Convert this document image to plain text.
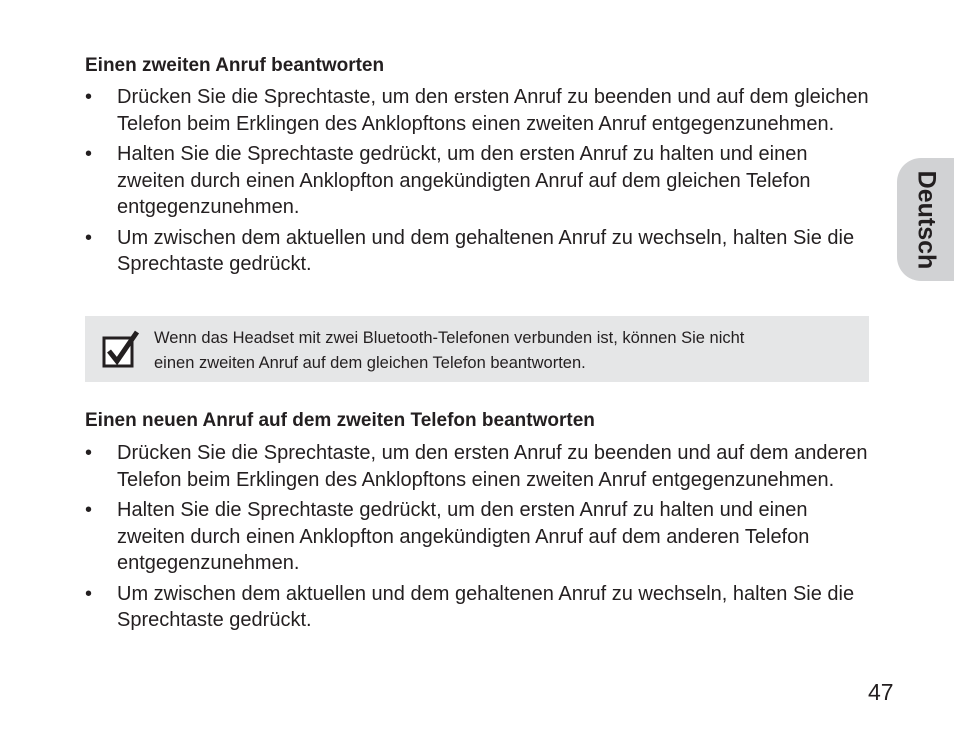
Einen zweiten Anruf beantworten
•	Drücken Sie die Sprechtaste, um den ersten Anruf zu beenden und auf dem gleichen Telefon beim Erklingen des Anklopftons einen zweiten Anruf entgegenzunehmen.
•	Halten Sie die Sprechtaste gedrückt, um den ersten Anruf zu halten und einen zweiten durch einen Anklopfton angekündigten Anruf auf dem gleichen Telefon entgegenzunehmen.
•	Um zwischen dem aktuellen und dem gehaltenen Anruf zu wechseln, halten Sie die Sprechtaste gedrückt.
Wenn das Headset mit zwei Bluetooth-Telefonen verbunden ist, können Sie nicht
einen zweiten Anruf auf dem gleichen Telefon beantworten.
Einen neuen Anruf auf dem zweiten Telefon beantworten
•	Drücken Sie die Sprechtaste, um den ersten Anruf zu beenden und auf dem anderen Telefon beim Erklingen des Anklopftons einen zweiten Anruf entgegenzunehmen.
•	Halten Sie die Sprechtaste gedrückt, um den ersten Anruf zu halten und einen zweiten durch einen Anklopfton angekündigten Anruf auf dem anderen Telefon entgegenzunehmen.
•	Um zwischen dem aktuellen und dem gehaltenen Anruf zu wechseln, halten Sie die Sprechtaste gedrückt.
Deutsch
47
